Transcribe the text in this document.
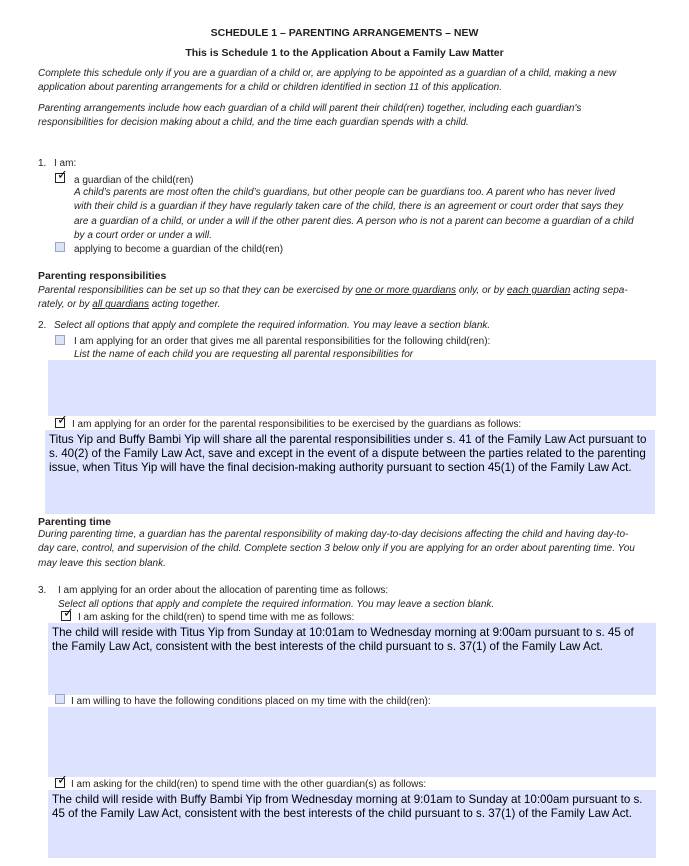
SCHEDULE 1 – PARENTING ARRANGEMENTS – NEW
This is Schedule 1 to the Application About a Family Law Matter
Complete this schedule only if you are a guardian of a child or, are applying to be appointed as a guardian of a child, making a new
application about parenting arrangements for a child or children identified in section 11 of this application.
Parenting arrangements include how each guardian of a child will parent their child(ren) together, including each guardian's
responsibilities for decision making about a child, and the time each guardian spends with a child.
1. I am:
✓ a guardian of the child(ren)
A child’s parents are most often the child’s guardians, but other people can be guardians too. A parent who has never lived
with their child is a guardian if they have regularly taken care of the child, there is an agreement or court order that says they
are a guardian of a child, or under a will if the other parent dies. A person who is not a parent can become a guardian of a child
by a court order or under a will.
applying to become a guardian of the child(ren)
Parenting responsibilities
Parental responsibilities can be set up so that they can be exercised by one or more guardians only, or by each guardian acting sepa-
rately, or by all guardians acting together.
2. Select all options that apply and complete the required information. You may leave a section blank.
I am applying for an order that gives me all parental responsibilities for the following child(ren):
List the name of each child you are requesting all parental responsibilities for
✓ I am applying for an order for the parental responsibilities to be exercised by the guardians as follows:
Titus Yip and Buffy Bambi Yip will share all the parental responsibilities under s. 41 of the Family Law Act pursuant to s. 40(2) of the Family Law Act, save and except in the event of a dispute between the parties related to the parenting issue, when Titus Yip will have the final decision-making authority pursuant to section 45(1) of the Family Law Act.
Parenting time
During parenting time, a guardian has the parental responsibility of making day-to-day decisions affecting the child and having day-to-
day care, control, and supervision of the child. Complete section 3 below only if you are applying for an order about parenting time. You
may leave this section blank.
3. I am applying for an order about the allocation of parenting time as follows:
Select all options that apply and complete the required information. You may leave a section blank.
✓ I am asking for the child(ren) to spend time with me as follows:
The child will reside with Titus Yip from Sunday at 10:01am to Wednesday morning at 9:00am pursuant to s. 45 of the Family Law Act, consistent with the best interests of the child pursuant to s. 37(1) of the Family Law Act.
I am willing to have the following conditions placed on my time with the child(ren):
✓ I am asking for the child(ren) to spend time with the other guardian(s) as follows:
The child will reside with Buffy Bambi Yip from Wednesday morning at 9:01am to Sunday at 10:00am pursuant to s. 45 of the Family Law Act, consistent with the best interests of the child pursuant to s. 37(1) of the Family Law Act.
